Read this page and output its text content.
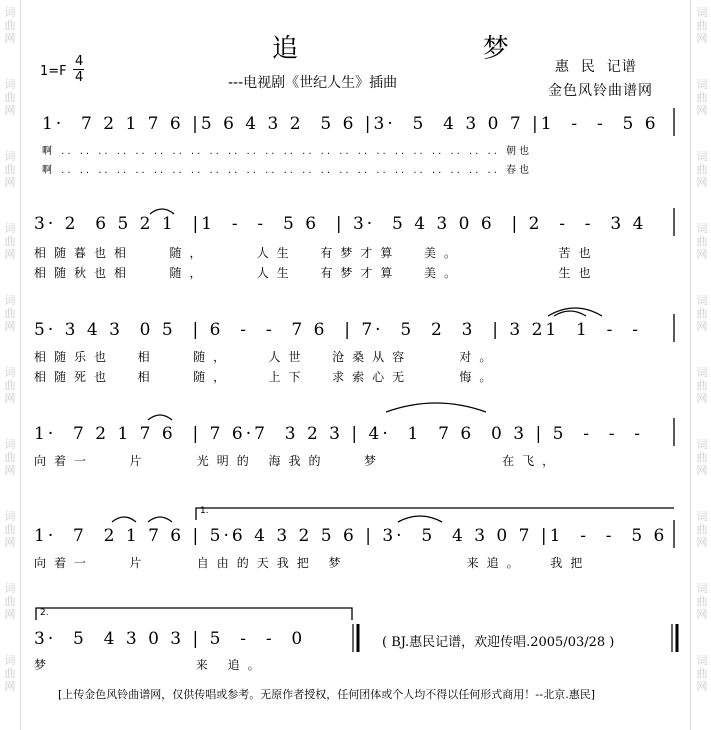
词
曲
网
词
曲
网
词
曲
网
词
曲
网
词
曲
网
词
曲
网
词
曲
网
词
曲
网
词
曲
网
词
曲
网
词
曲
网
词
曲
网
词
曲
网
词
曲
网
词
曲
网
词
曲
网
词
曲
网
词
曲
网
词
曲
网
词
曲
网
追   梦
---电视剧《世纪人生》插曲
1=F
4
4
惠  民  记谱
金色风铃曲谱网
1·  7 2 1 7 6 |5 6 4 3 2  5 6 |3·  5  4 3 0 7 |1  -  -  5 6
啊 .. .. .. .. .. .. .. .. .. .. .. .. .. .. .. .. .. .. .. .. .. .. .. .. 朝也
啊 .. .. .. .. .. .. .. .. .. .. .. .. .. .. .. .. .. .. .. .. .. .. .. .. 春也
3· 2  6 5 2 1  |1  -  -  5 6  | 3·  5 4 3 0 6  | 2  -  -  3 4
相随暮也相   随，    人生  有梦才算  美。        苦也
相随秋也相   随，    人生  有梦才算  美。        生也
5· 3 4 3  0 5  | 6  -  -  7 6  | 7·  5  2  3  | 3 21  1  -  -
相随乐也  相   随，   人世  沧桑从容    对。
相随死也  相   随，   上下  求索心无    悔。
1·  7 2 1 7 6  | 7 6·7  3 2 3 | 4·  1  7 6  0 3 | 5  -  -  -
向着一   片    光明的 海我的   梦          在飞，
1.
1·  7  2 1 7 6 | 5·6 4 3 2 5 6 | 3·  5  4 3 0 7 |1  -  -  5 6
向着一   片    自由的天我把 梦          来追。  我把
2.
3·  5  4 3 0 3 | 5  -  -  0
梦            来 追。
( BJ.惠民记谱，欢迎传唱.2005/03/28 )
[上传金色风铃曲谱网，仅供传唱或参考。无原作者授权，任何团体或个人均不得以任何形式商用！--北京.惠民]
